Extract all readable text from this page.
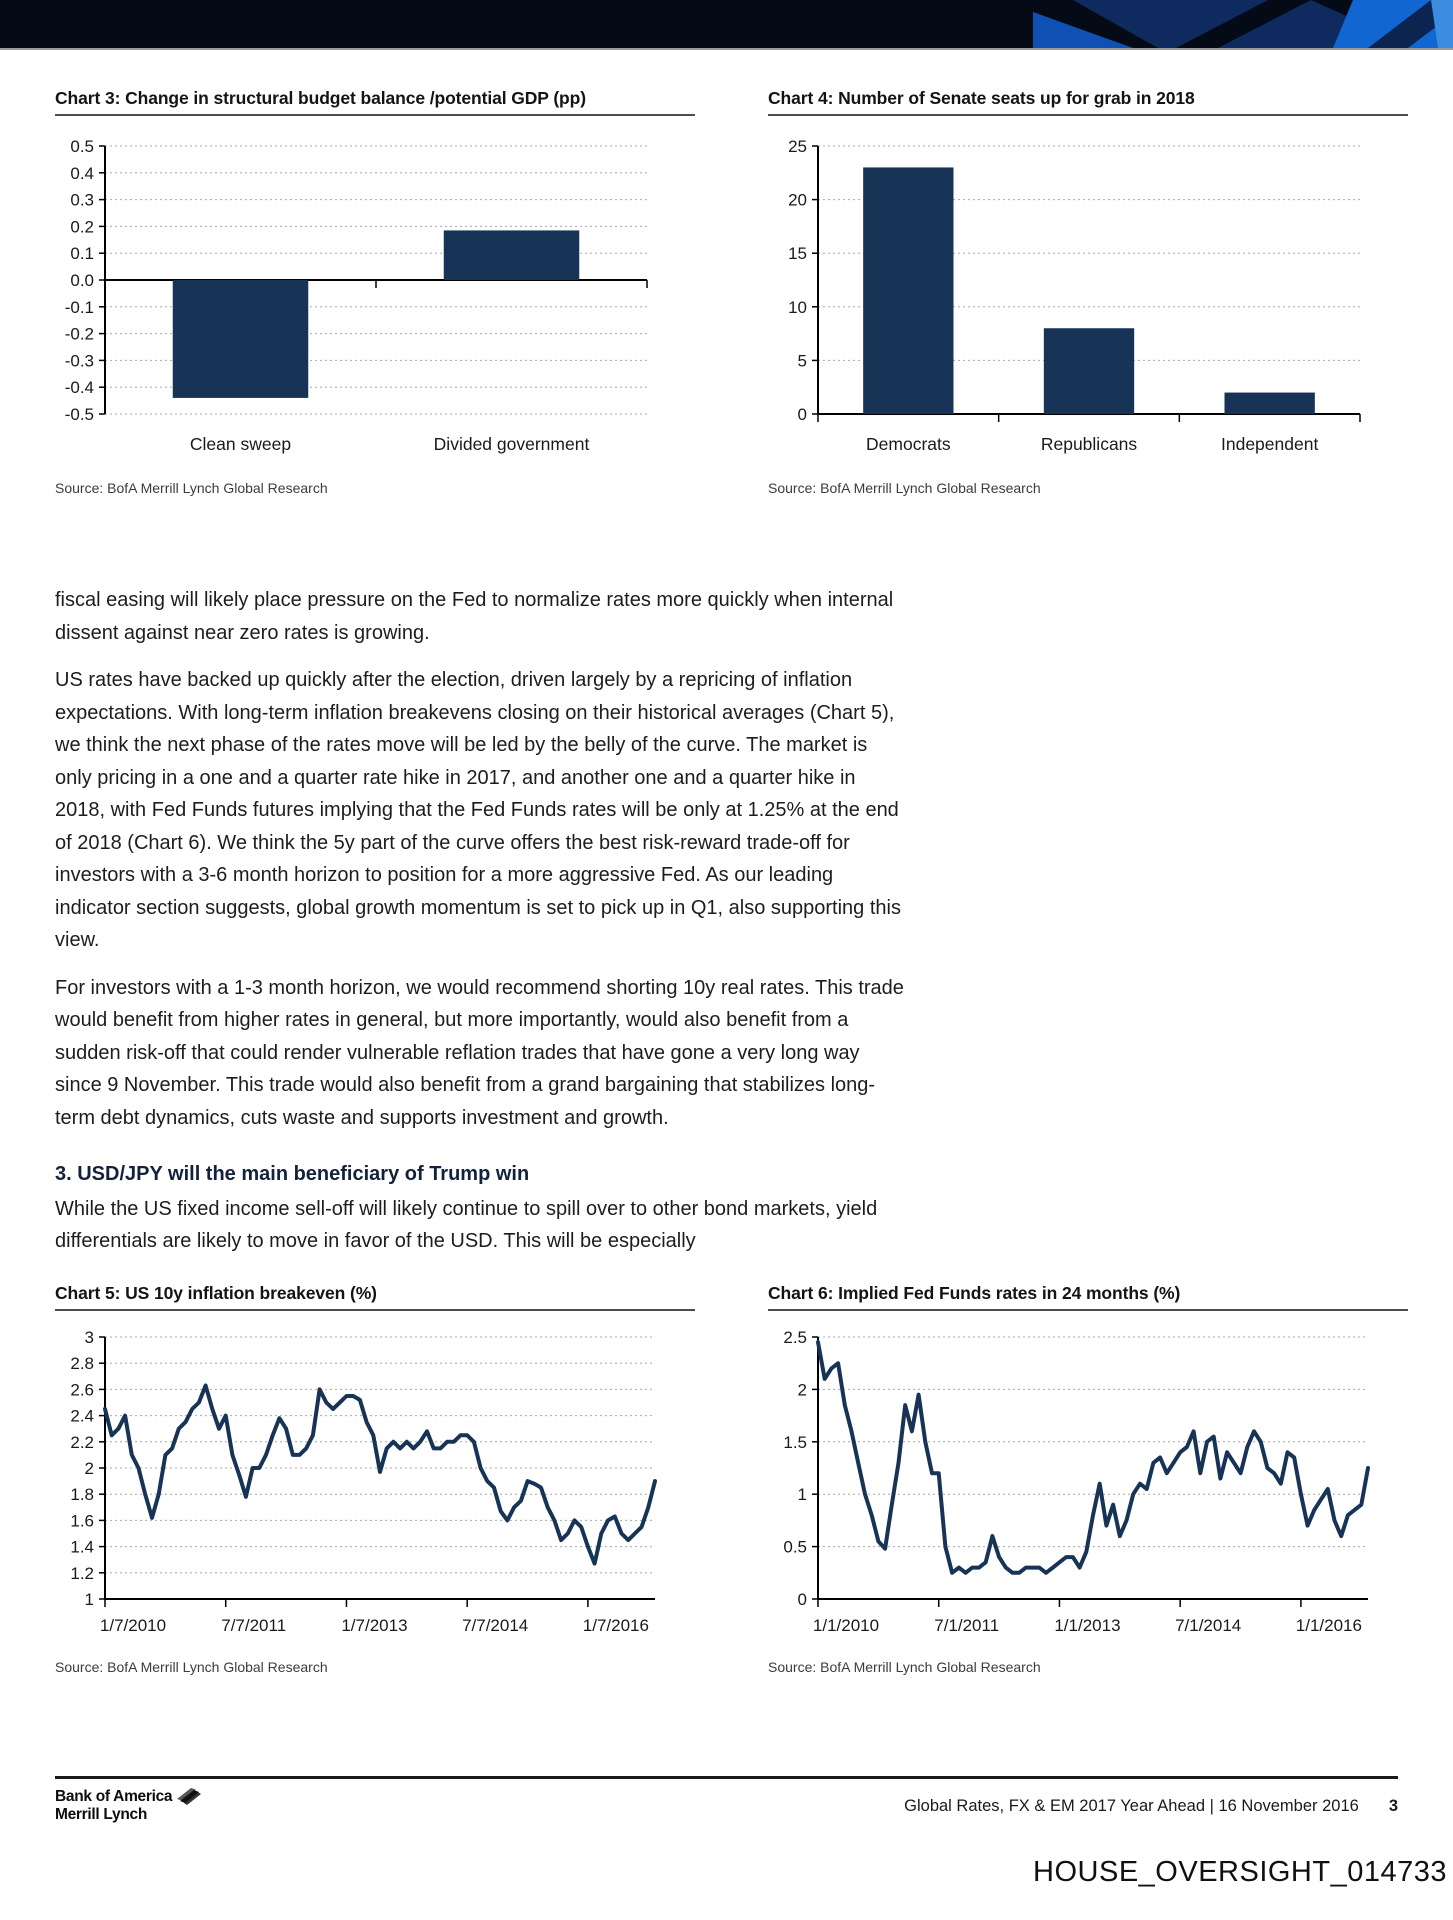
Chart 3: Change in structural budget balance /potential GDP (pp)
0.5
0.4
0.3
0.2
0.1
0.0
-0.1
-0.2
-0.3
-0.4
-0.5
Clean sweep	Divided government
Source: BofA Merrill Lynch Global Research
Chart 4: Number of Senate seats up for grab in 2018
0
5
10
15
20
25
Democrats	Republicans	Independent
Source: BofA Merrill Lynch Global Research

fiscal easing will likely place pressure on the Fed to normalize rates more quickly when internal dissent against near zero rates is growing.

US rates have backed up quickly after the election, driven largely by a repricing of inflation expectations. With long-term inflation breakevens closing on their historical averages (Chart 5), we think the next phase of the rates move will be led by the belly of the curve. The market is only pricing in a one and a quarter rate hike in 2017, and another one and a quarter hike in 2018, with Fed Funds futures implying that the Fed Funds rates will be only at 1.25% at the end of 2018 (Chart 6). We think the 5y part of the curve offers the best risk-reward trade-off for investors with a 3-6 month horizon to position for a more aggressive Fed. As our leading indicator section suggests, global growth momentum is set to pick up in Q1, also supporting this view.

For investors with a 1-3 month horizon, we would recommend shorting 10y real rates. This trade would benefit from higher rates in general, but more importantly, would also benefit from a sudden risk-off that could render vulnerable reflation trades that have gone a very long way since 9 November. This trade would also benefit from a grand bargaining that stabilizes long-term debt dynamics, cuts waste and supports investment and growth.

3. USD/JPY will the main beneficiary of Trump win

While the US fixed income sell-off will likely continue to spill over to other bond markets, yield differentials are likely to move in favor of the USD. This will be especially

Chart 5: US 10y inflation breakeven (%)
3
2.8
2.6
2.4
2.2
2
1.8
1.6
1.4
1.2
1
1/7/2010	7/7/2011	1/7/2013	7/7/2014	1/7/2016
Source: BofA Merrill Lynch Global Research
Chart 6: Implied Fed Funds rates in 24 months (%)
2.5
2
1.5
1
0.5
0
1/1/2010	7/1/2011	1/1/2013	7/1/2014	1/1/2016
Source: BofA Merrill Lynch Global Research
Bank of America
Merrill Lynch	Global Rates, FX & EM 2017 Year Ahead | 16 November 2016 3
HOUSE_OVERSIGHT_014733
